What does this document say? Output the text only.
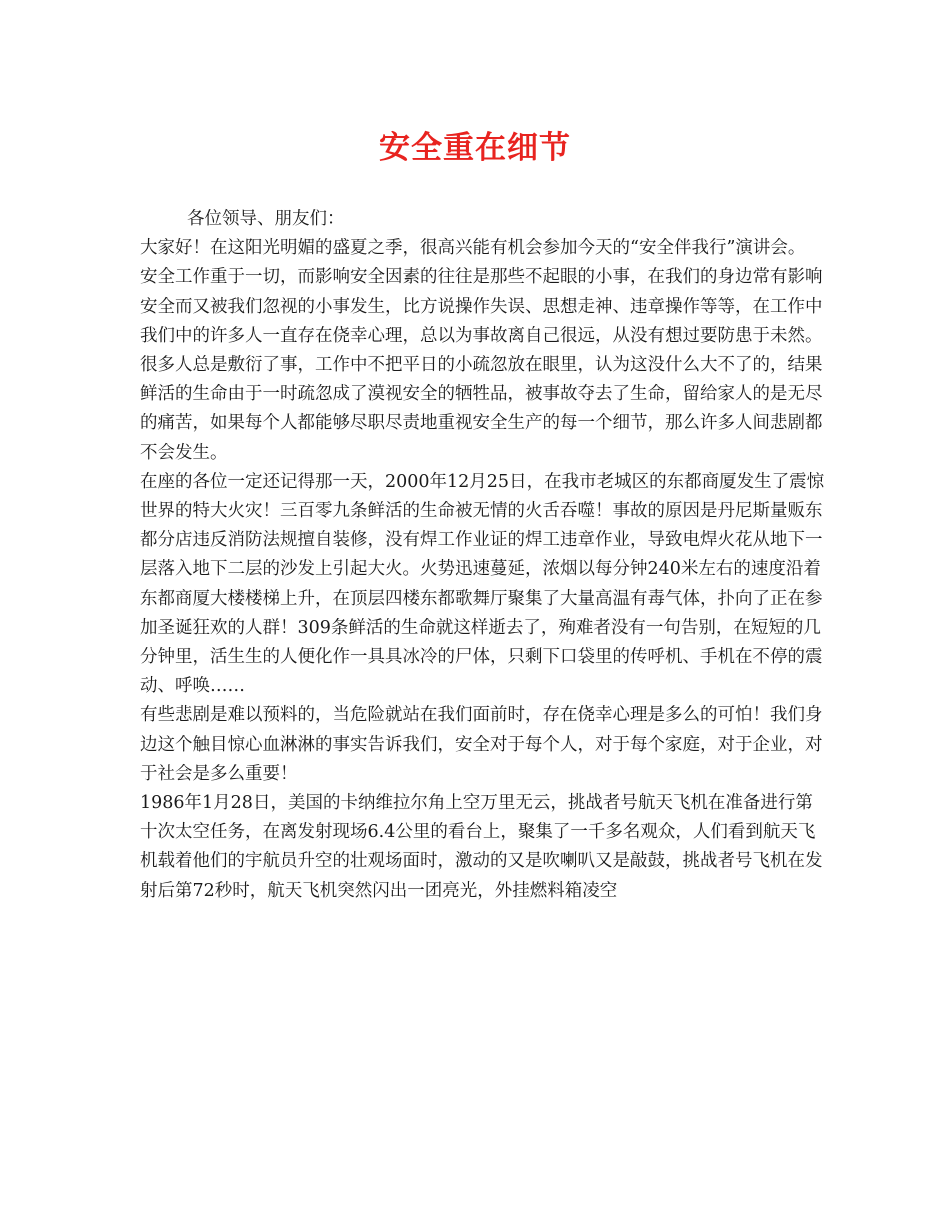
安全重在细节

各位领导、朋友们：

大家好！在这阳光明媚的盛夏之季，很高兴能有机会参加今天的“安全伴我行”演讲会。

安全工作重于一切，而影响安全因素的往往是那些不起眼的小事，在我们的身边常有影响安全而又被我们忽视的小事发生，比方说操作失误、思想走神、违章操作等等，在工作中我们中的许多人一直存在侥幸心理，总以为事故离自己很远，从没有想过要防患于未然。很多人总是敷衍了事，工作中不把平日的小疏忽放在眼里，认为这没什么大不了的，结果鲜活的生命由于一时疏忽成了漠视安全的牺牲品，被事故夺去了生命，留给家人的是无尽的痛苦，如果每个人都能够尽职尽责地重视安全生产的每一个细节，那么许多人间悲剧都不会发生。

在座的各位一定还记得那一天，2000年12月25日，在我市老城区的东都商厦发生了震惊世界的特大火灾！三百零九条鲜活的生命被无情的火舌吞噬！事故的原因是丹尼斯量贩东都分店违反消防法规擅自装修，没有焊工作业证的焊工违章作业，导致电焊火花从地下一层落入地下二层的沙发上引起大火。火势迅速蔓延，浓烟以每分钟240米左右的速度沿着东都商厦大楼楼梯上升，在顶层四楼东都歌舞厅聚集了大量高温有毒气体，扑向了正在参加圣诞狂欢的人群！309条鲜活的生命就这样逝去了，殉难者没有一句告别，在短短的几分钟里，活生生的人便化作一具具冰冷的尸体，只剩下口袋里的传呼机、手机在不停的震动、呼唤……

有些悲剧是难以预料的，当危险就站在我们面前时，存在侥幸心理是多么的可怕！我们身边这个触目惊心血淋淋的事实告诉我们，安全对于每个人，对于每个家庭，对于企业，对于社会是多么重要！

1986年1月28日，美国的卡纳维拉尔角上空万里无云，挑战者号航天飞机在准备进行第十次太空任务，在离发射现场6.4公里的看台上，聚集了一千多名观众，人们看到航天飞机载着他们的宇航员升空的壮观场面时，激动的又是吹喇叭又是敲鼓，挑战者号飞机在发射后第72秒时，航天飞机突然闪出一团亮光，外挂燃料箱凌空
